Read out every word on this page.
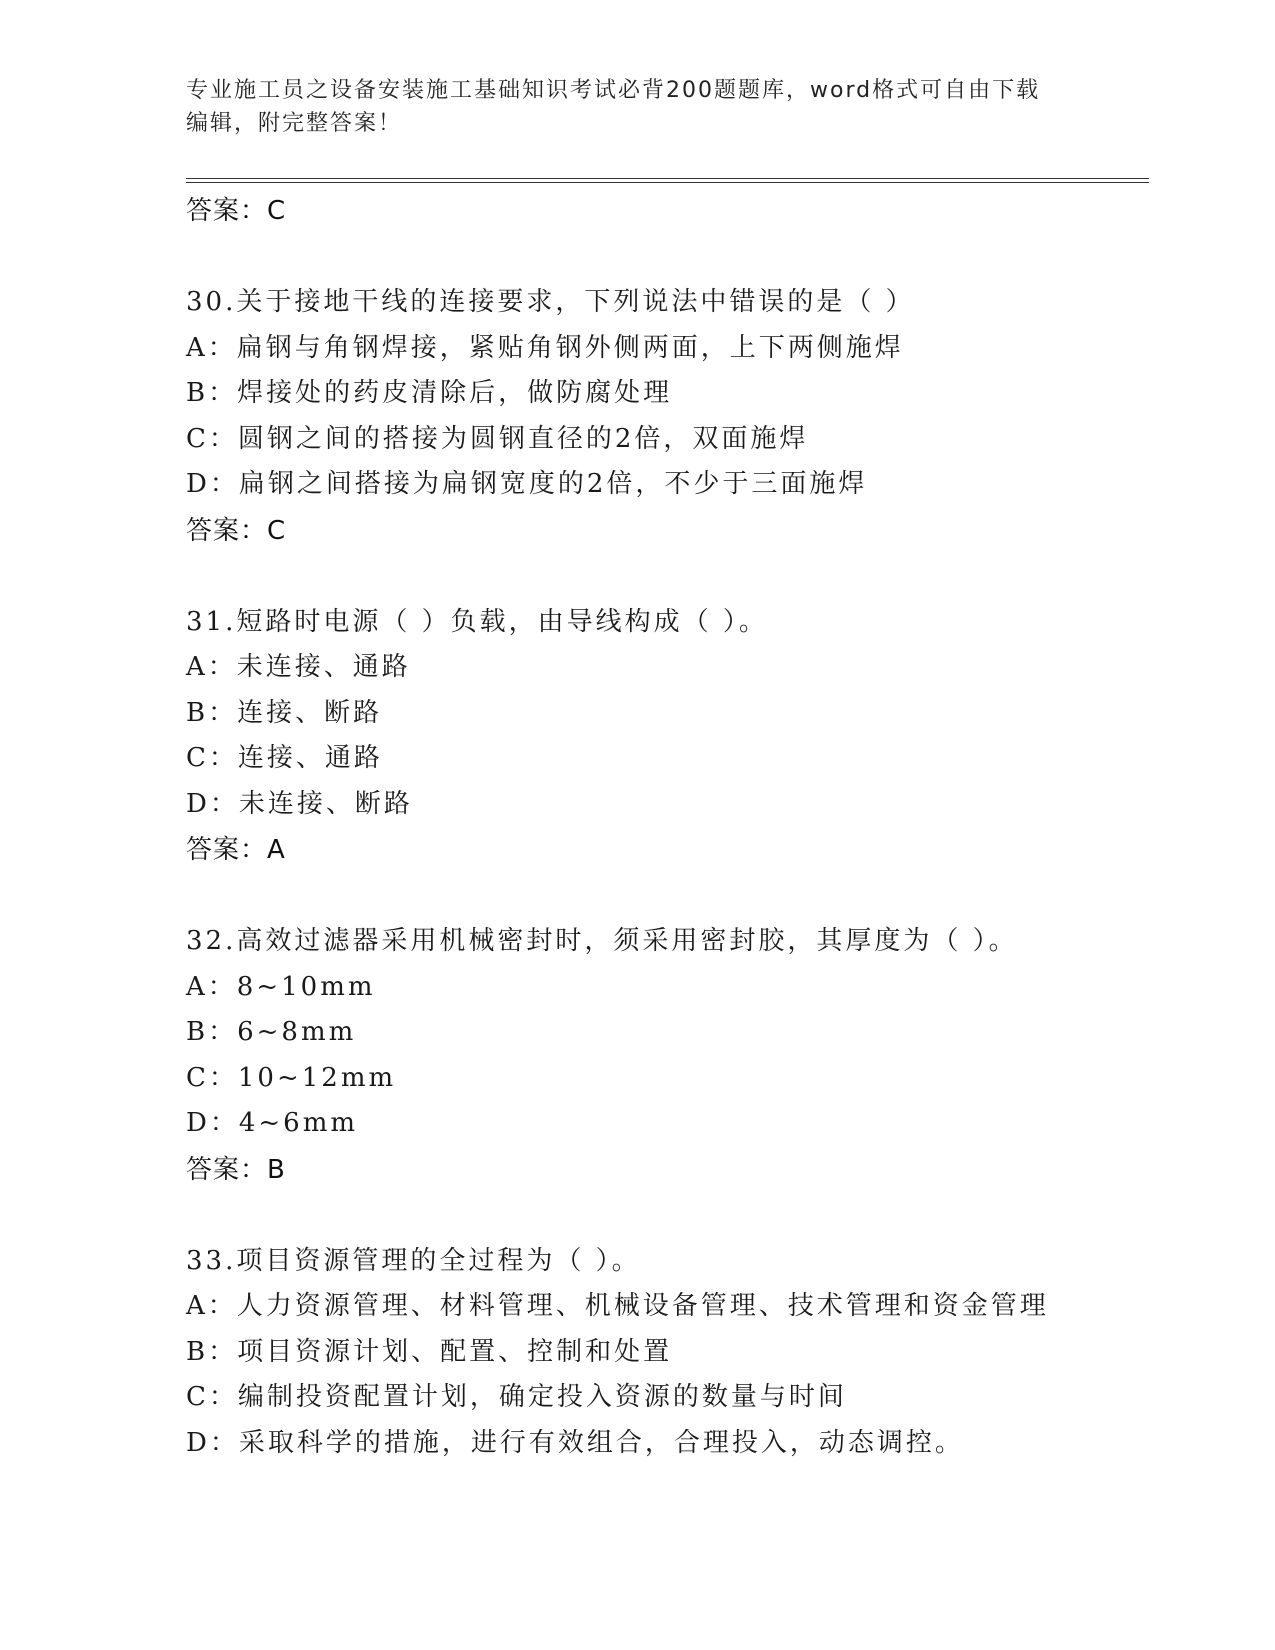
专业施工员之设备安装施工基础知识考试必背200题题库，word格式可自由下载
编辑，附完整答案！
答案：C
30.关于接地干线的连接要求，下列说法中错误的是（ ）
A：扁钢与角钢焊接，紧贴角钢外侧两面，上下两侧施焊
B：焊接处的药皮清除后，做防腐处理
C：圆钢之间的搭接为圆钢直径的2倍，双面施焊
D：扁钢之间搭接为扁钢宽度的2倍，不少于三面施焊
答案：C
31.短路时电源（ ）负载，由导线构成（ ）。
A：未连接、通路
B：连接、断路
C：连接、通路
D：未连接、断路
答案：A
32.高效过滤器采用机械密封时，须采用密封胶，其厚度为（ ）。
A：8~10mm
B：6~8mm
C：10~12mm
D：4~6mm
答案：B
33.项目资源管理的全过程为（ ）。
A：人力资源管理、材料管理、机械设备管理、技术管理和资金管理
B：项目资源计划、配置、控制和处置
C：编制投资配置计划，确定投入资源的数量与时间
D：采取科学的措施，进行有效组合，合理投入，动态调控。
